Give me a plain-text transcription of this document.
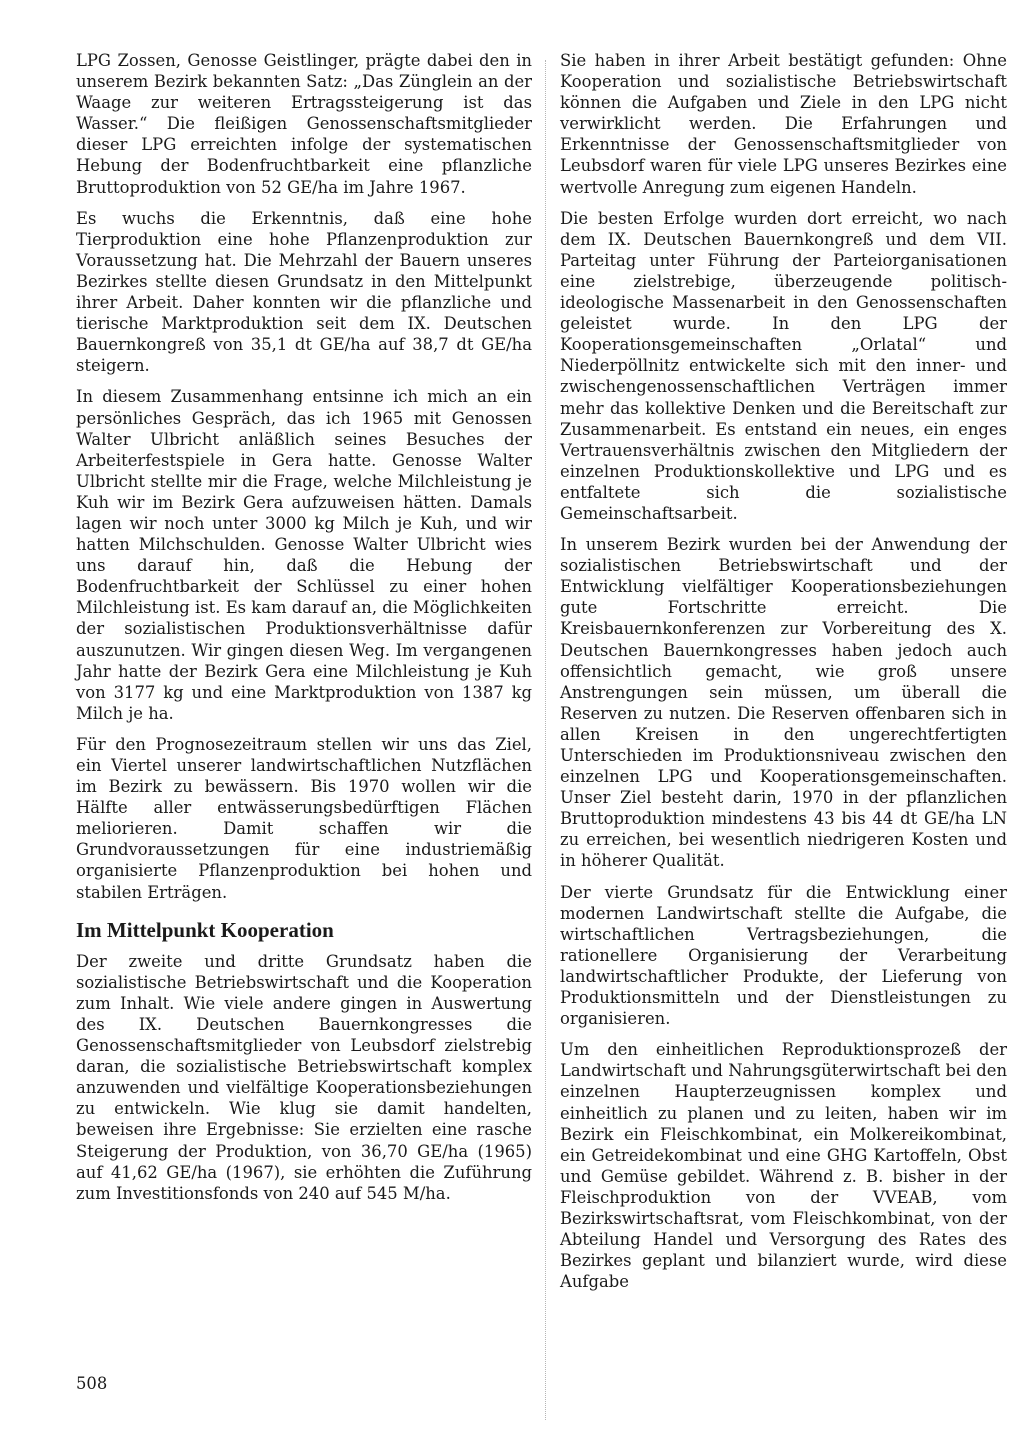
LPG Zossen, Genosse Geistlinger, prägte dabei den in unserem Bezirk bekannten Satz: „Das Zünglein an der Waage zur weiteren Ertragssteigerung ist das Wasser.“ Die fleißigen Genossenschaftsmitglieder dieser LPG erreichten infolge der systematischen Hebung der Bodenfruchtbarkeit eine pflanzliche Bruttoproduktion von 52 GE/ha im Jahre 1967.

Es wuchs die Erkenntnis, daß eine hohe Tierproduktion eine hohe Pflanzenproduktion zur Voraussetzung hat. Die Mehrzahl der Bauern unseres Bezirkes stellte diesen Grundsatz in den Mittelpunkt ihrer Arbeit. Daher konnten wir die pflanzliche und tierische Marktproduktion seit dem IX. Deutschen Bauernkongreß von 35,1 dt GE/ha auf 38,7 dt GE/ha steigern.

In diesem Zusammenhang entsinne ich mich an ein persönliches Gespräch, das ich 1965 mit Genossen Walter Ulbricht anläßlich seines Besuches der Arbeiterfestspiele in Gera hatte. Genosse Walter Ulbricht stellte mir die Frage, welche Milchleistung je Kuh wir im Bezirk Gera aufzuweisen hätten. Damals lagen wir noch unter 3000 kg Milch je Kuh, und wir hatten Milchschulden. Genosse Walter Ulbricht wies uns darauf hin, daß die Hebung der Bodenfruchtbarkeit der Schlüssel zu einer hohen Milchleistung ist. Es kam darauf an, die Möglichkeiten der sozialistischen Produktionsverhältnisse dafür auszunutzen. Wir gingen diesen Weg. Im vergangenen Jahr hatte der Bezirk Gera eine Milchleistung je Kuh von 3177 kg und eine Marktproduktion von 1387 kg Milch je ha.

Für den Prognosezeitraum stellen wir uns das Ziel, ein Viertel unserer landwirtschaftlichen Nutzflächen im Bezirk zu bewässern. Bis 1970 wollen wir die Hälfte aller entwässerungsbedürftigen Flächen meliorieren. Damit schaffen wir die Grundvoraussetzungen für eine industriemäßig organisierte Pflanzenproduktion bei hohen und stabilen Erträgen.

Im Mittelpunkt Kooperation

Der zweite und dritte Grundsatz haben die sozialistische Betriebswirtschaft und die Kooperation zum Inhalt. Wie viele andere gingen in Auswertung des IX. Deutschen Bauernkongresses die Genossenschaftsmitglieder von Leubsdorf zielstrebig daran, die sozialistische Betriebswirtschaft komplex anzuwenden und vielfältige Kooperationsbeziehungen zu entwickeln. Wie klug sie damit handelten, beweisen ihre Ergebnisse: Sie erzielten eine rasche Steigerung der Produktion, von 36,70 GE/ha (1965) auf 41,62 GE/ha (1967), sie erhöhten die Zuführung zum Investitionsfonds von 240 auf 545 M/ha.

Sie haben in ihrer Arbeit bestätigt gefunden: Ohne Kooperation und sozialistische Betriebswirtschaft können die Aufgaben und Ziele in den LPG nicht verwirklicht werden. Die Erfahrungen und Erkenntnisse der Genossenschaftsmitglieder von Leubsdorf waren für viele LPG unseres Bezirkes eine wertvolle Anregung zum eigenen Handeln.

Die besten Erfolge wurden dort erreicht, wo nach dem IX. Deutschen Bauernkongreß und dem VII. Parteitag unter Führung der Parteiorganisationen eine zielstrebige, überzeugende politisch-ideologische Massenarbeit in den Genossenschaften geleistet wurde. In den LPG der Kooperationsgemeinschaften „Orlatal“ und Niederpöllnitz entwickelte sich mit den inner- und zwischengenossenschaftlichen Verträgen immer mehr das kollektive Denken und die Bereitschaft zur Zusammenarbeit. Es entstand ein neues, ein enges Vertrauensverhältnis zwischen den Mitgliedern der einzelnen Produktionskollektive und LPG und es entfaltete sich die sozialistische Gemeinschaftsarbeit.

In unserem Bezirk wurden bei der Anwendung der sozialistischen Betriebswirtschaft und der Entwicklung vielfältiger Kooperationsbeziehungen gute Fortschritte erreicht. Die Kreisbauernkonferenzen zur Vorbereitung des X. Deutschen Bauernkongresses haben jedoch auch offensichtlich gemacht, wie groß unsere Anstrengungen sein müssen, um überall die Reserven zu nutzen. Die Reserven offenbaren sich in allen Kreisen in den ungerechtfertigten Unterschieden im Produktionsniveau zwischen den einzelnen LPG und Kooperationsgemeinschaften. Unser Ziel besteht darin, 1970 in der pflanzlichen Bruttoproduktion mindestens 43 bis 44 dt GE/ha LN zu erreichen, bei wesentlich niedrigeren Kosten und in höherer Qualität.

Der vierte Grundsatz für die Entwicklung einer modernen Landwirtschaft stellte die Aufgabe, die wirtschaftlichen Vertragsbeziehungen, die rationellere Organisierung der Verarbeitung landwirtschaftlicher Produkte, der Lieferung von Produktionsmitteln und der Dienstleistungen zu organisieren.

Um den einheitlichen Reproduktionsprozeß der Landwirtschaft und Nahrungsgüterwirtschaft bei den einzelnen Haupterzeugnissen komplex und einheitlich zu planen und zu leiten, haben wir im Bezirk ein Fleischkombinat, ein Molkereikombinat, ein Getreidekombinat und eine GHG Kartoffeln, Obst und Gemüse gebildet. Während z. B. bisher in der Fleischproduktion von der VVEAB, vom Bezirkswirtschaftsrat, vom Fleischkombinat, von der Abteilung Handel und Versorgung des Rates des Bezirkes geplant und bilanziert wurde, wird diese Aufgabe

508
